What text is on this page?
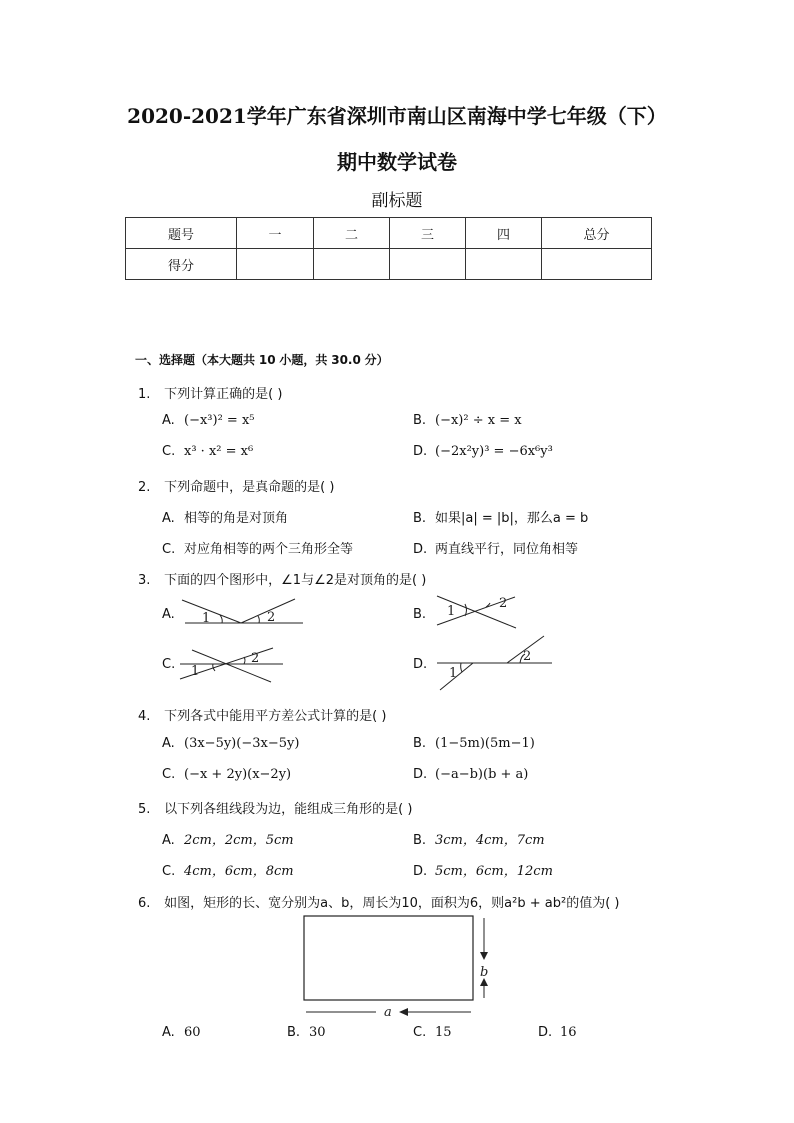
2020-2021学年广东省深圳市南山区南海中学七年级（下）
期中数学试卷
副标题
题号	一	二	三	四	总分
得分					
一、选择题（本大题共 10 小题，共 30.0 分）
1. 下列计算正确的是( )
A. (−x³)² = x⁵	B. (−x)² ÷ x = x
C. x³ · x² = x⁶	D. (−2x²y)³ = −6x⁶y³
2. 下列命题中，是真命题的是( )
A. 相等的角是对顶角	B. 如果|a| = |b|，那么a = b
C. 对应角相等的两个三角形全等	D. 两直线平行，同位角相等
3. 下面的四个图形中，∠1与∠2是对顶角的是( )
A.	B.
C.	D.
1	2	1
2
1
2
1
2
4. 下列各式中能用平方差公式计算的是( )
A. (3x−5y)(−3x−5y)	B. (1−5m)(5m−1)
C. (−x + 2y)(x−2y)	D. (−a−b)(b + a)
5. 以下列各组线段为边，能组成三角形的是( )
A. 2cm，2cm，5cm	B. 3cm，4cm，7cm
C. 4cm，6cm，8cm	D. 5cm，6cm，12cm
6. 如图，矩形的长、宽分别为a、b，周长为10，面积为6，则a²b + ab²的值为( )
b
a
A. 60	B. 30	C. 15	D. 16
